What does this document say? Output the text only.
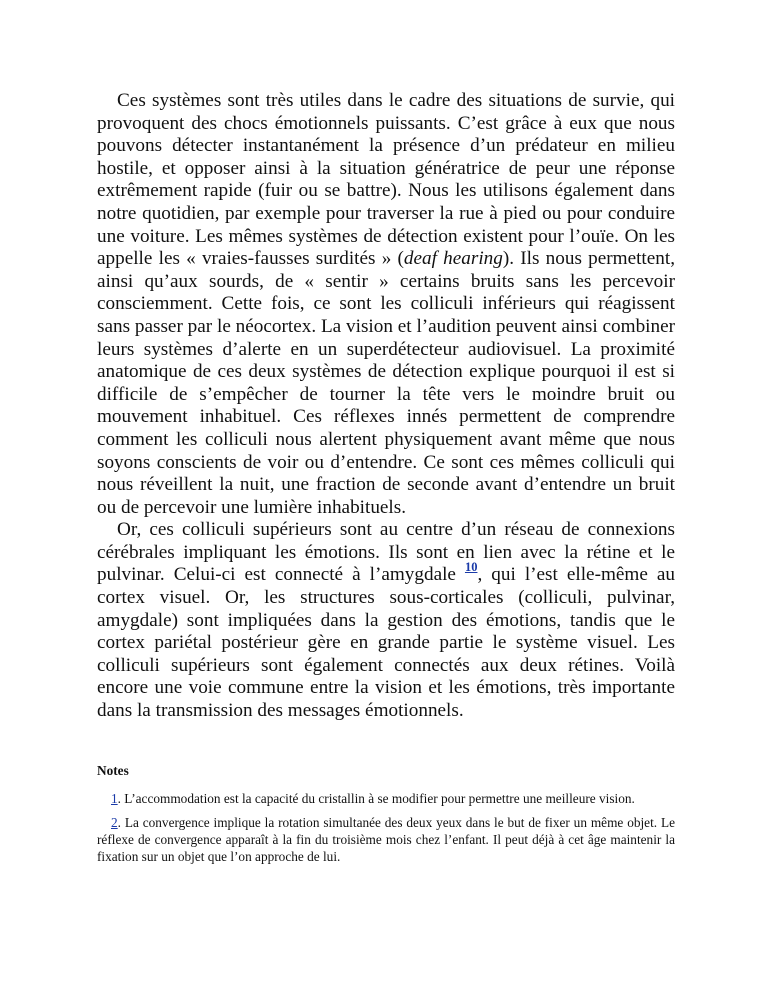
Ces systèmes sont très utiles dans le cadre des situations de survie, qui provoquent des chocs émotionnels puissants. C’est grâce à eux que nous pouvons détecter instantanément la présence d’un prédateur en milieu hostile, et opposer ainsi à la situation génératrice de peur une réponse extrêmement rapide (fuir ou se battre). Nous les utilisons également dans notre quotidien, par exemple pour traverser la rue à pied ou pour conduire une voiture. Les mêmes systèmes de détection existent pour l’ouïe. On les appelle les « vraies-fausses surdités » (deaf hearing). Ils nous permettent, ainsi qu’aux sourds, de « sentir » certains bruits sans les percevoir consciemment. Cette fois, ce sont les colliculi inférieurs qui réagissent sans passer par le néocortex. La vision et l’audition peuvent ainsi combiner leurs systèmes d’alerte en un superdétecteur audiovisuel. La proximité anatomique de ces deux systèmes de détection explique pourquoi il est si difficile de s’empêcher de tourner la tête vers le moindre bruit ou mouvement inhabituel. Ces réflexes innés permettent de comprendre comment les colliculi nous alertent physiquement avant même que nous soyons conscients de voir ou d’entendre. Ce sont ces mêmes colliculi qui nous réveillent la nuit, une fraction de seconde avant d’entendre un bruit ou de percevoir une lumière inhabituels.

Or, ces colliculi supérieurs sont au centre d’un réseau de connexions cérébrales impliquant les émotions. Ils sont en lien avec la rétine et le pulvinar. Celui-ci est connecté à l’amygdale $^{10}$, qui l’est elle-même au cortex visuel. Or, les structures sous-corticales (colliculi, pulvinar, amygdale) sont impliquées dans la gestion des émotions, tandis que le cortex pariétal postérieur gère en grande partie le système visuel. Les colliculi supérieurs sont également connectés aux deux rétines. Voilà encore une voie commune entre la vision et les émotions, très importante dans la transmission des messages émotionnels.

Notes

1. L’accommodation est la capacité du cristallin à se modifier pour permettre une meilleure vision.

2. La convergence implique la rotation simultanée des deux yeux dans le but de fixer un même objet. Le réflexe de convergence apparaît à la fin du troisième mois chez l’enfant. Il peut déjà à cet âge maintenir la fixation sur un objet que l’on approche de lui.
